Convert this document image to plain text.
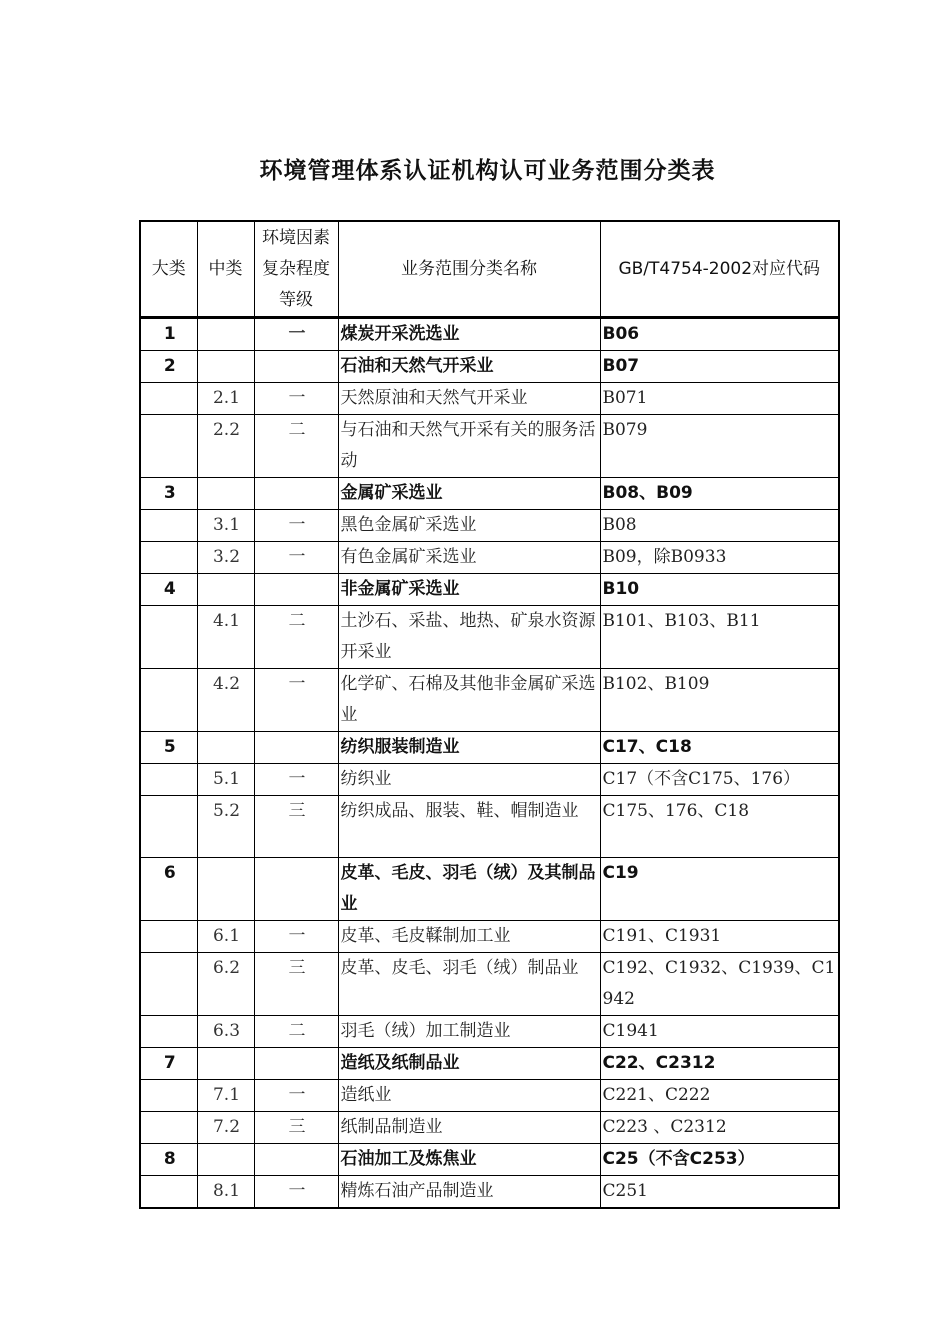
环境管理体系认证机构认可业务范围分类表
大类	中类	环境因素复杂程度等级	业务范围分类名称	GB/T4754-2002对应代码
1		一	煤炭开采洗选业	B06
2			石油和天然气开采业	B07
	2.1	一	天然原油和天然气开采业	B071
	2.2	二	与石油和天然气开采有关的服务活动	B079
3			金属矿采选业	B08、B09
	3.1	一	黑色金属矿采选业	B08
	3.2	一	有色金属矿采选业	B09，除B0933
4			非金属矿采选业	B10
	4.1	二	土沙石、采盐、地热、矿泉水资源开采业	B101、B103、B11
	4.2	一	化学矿、石棉及其他非金属矿采选业	B102、B109
5			纺织服装制造业	C17、C18
	5.1	一	纺织业	C17（不含C175、176）
	5.2	三	纺织成品、服装、鞋、帽制造业	C175、176、C18
6			皮革、毛皮、羽毛（绒）及其制品业	C19
	6.1	一	皮革、毛皮鞣制加工业	C191、C1931
	6.2	三	皮革、皮毛、羽毛（绒）制品业	C192、C1932、C1939、C1942
	6.3	二	羽毛（绒）加工制造业	C1941
7			造纸及纸制品业	C22、C2312
	7.1	一	造纸业	C221、C222
	7.2	三	纸制品制造业	C223 、C2312
8			石油加工及炼焦业	C25（不含C253）
	8.1	一	精炼石油产品制造业	C251
